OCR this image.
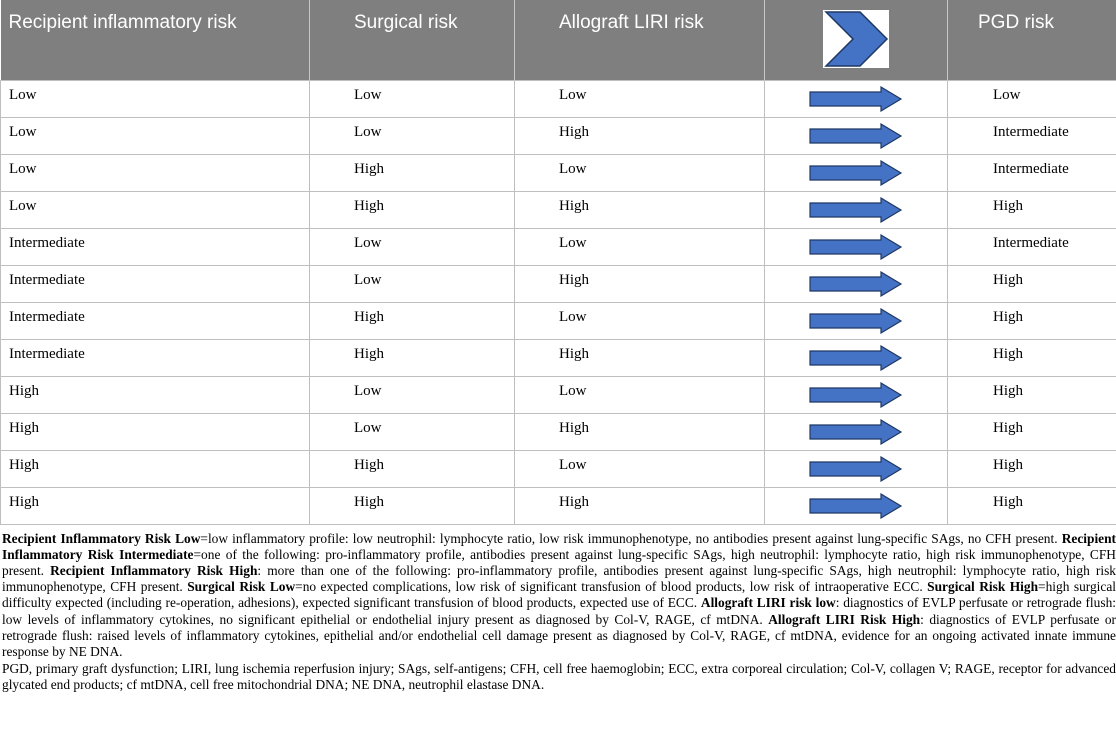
Recipient inflammatory risk	Surgical risk	Allograft LIRI risk		PGD risk
Low	Low	Low		Low
Low	Low	High		Intermediate
Low	High	Low		Intermediate
Low	High	High		High
Intermediate	Low	Low		Intermediate
Intermediate	Low	High		High
Intermediate	High	Low		High
Intermediate	High	High		High
High	Low	Low		High
High	Low	High		High
High	High	Low		High
High	High	High		High

Recipient Inflammatory Risk Low=low inflammatory profile: low neutrophil: lymphocyte ratio, low risk immunophenotype, no antibodies present against lung-specific SAgs, no CFH present. Recipient Inflammatory Risk Intermediate=one of the following: pro-inflammatory profile, antibodies present against lung-specific SAgs, high neutrophil: lymphocyte ratio, high risk immunophenotype, CFH present. Recipient Inflammatory Risk High: more than one of the following: pro-inflammatory profile, antibodies present against lung-specific SAgs, high neutrophil: lymphocyte ratio, high risk immunophenotype, CFH present. Surgical Risk Low=no expected complications, low risk of significant transfusion of blood products, low risk of intraoperative ECC. Surgical Risk High=high surgical difficulty expected (including re-operation, adhesions), expected significant transfusion of blood products, expected use of ECC. Allograft LIRI risk low: diagnostics of EVLP perfusate or retrograde flush: low levels of inflammatory cytokines, no significant epithelial or endothelial injury present as diagnosed by Col-V, RAGE, cf mtDNA. Allograft LIRI Risk High: diagnostics of EVLP perfusate or retrograde flush: raised levels of inflammatory cytokines, epithelial and/or endothelial cell damage present as diagnosed by Col-V, RAGE, cf mtDNA, evidence for an ongoing activated innate immune response by NE DNA.

PGD, primary graft dysfunction; LIRI, lung ischemia reperfusion injury; SAgs, self-antigens; CFH, cell free haemoglobin; ECC, extra corporeal circulation; Col-V, collagen V; RAGE, receptor for advanced glycated end products; cf mtDNA, cell free mitochondrial DNA; NE DNA, neutrophil elastase DNA.
